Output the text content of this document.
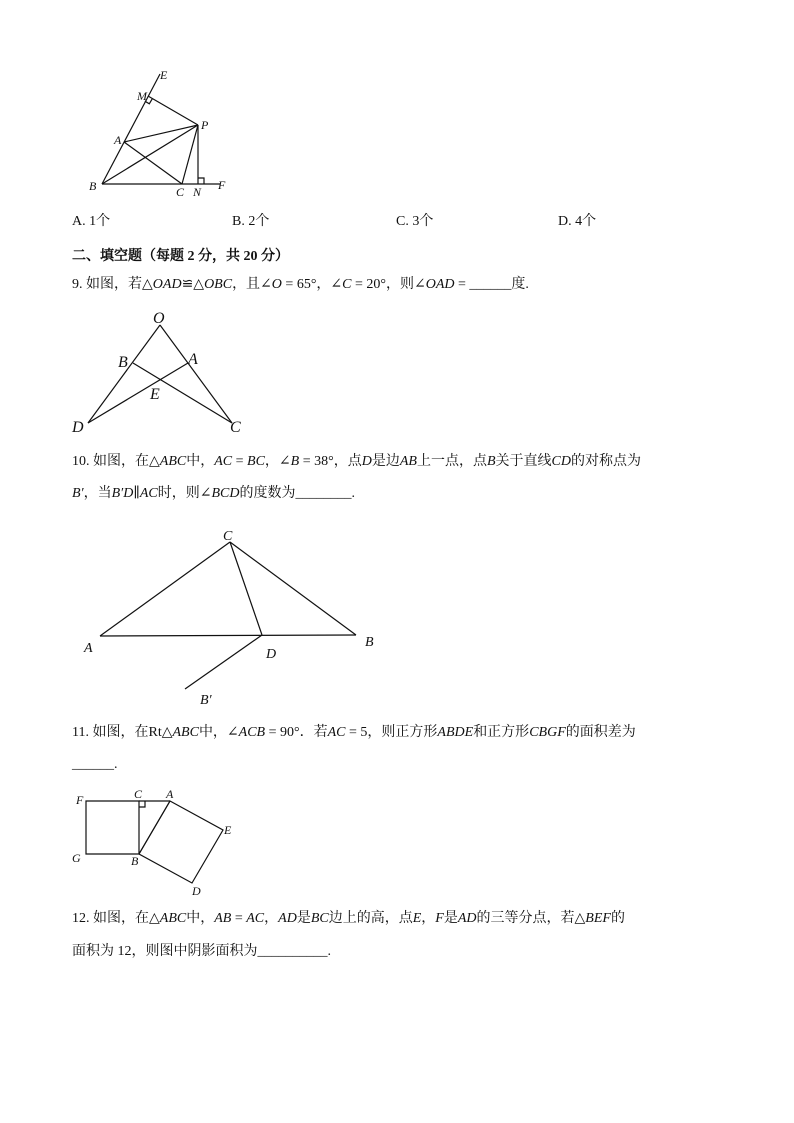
E
M
A
P
B	C N F
A. 1个	B. 2个	C. 3个	D. 4个
二、填空题（每题 2 分，共 20 分）
9. 如图，若△OAD≌△OBC，且∠O = 65°，∠C = 20°，则∠OAD = ______度.
O
B	A
E
D	C
10. 如图，在△ABC中，AC = BC，∠B = 38°，点D是边AB上一点，点B关于直线CD的对称点为
B′，当B′D∥AC时，则∠BCD的度数为________.
C
A	D
B
B′
11. 如图，在Rt△ABC中，∠ACB = 90°．若AC = 5，则正方形ABDE和正方形CBGF的面积差为
______.
F	C A
E
G	B
D
12. 如图，在△ABC中，AB = AC，AD是BC边上的高，点E，F是AD的三等分点，若△BEF的
面积为 12，则图中阴影面积为__________.
